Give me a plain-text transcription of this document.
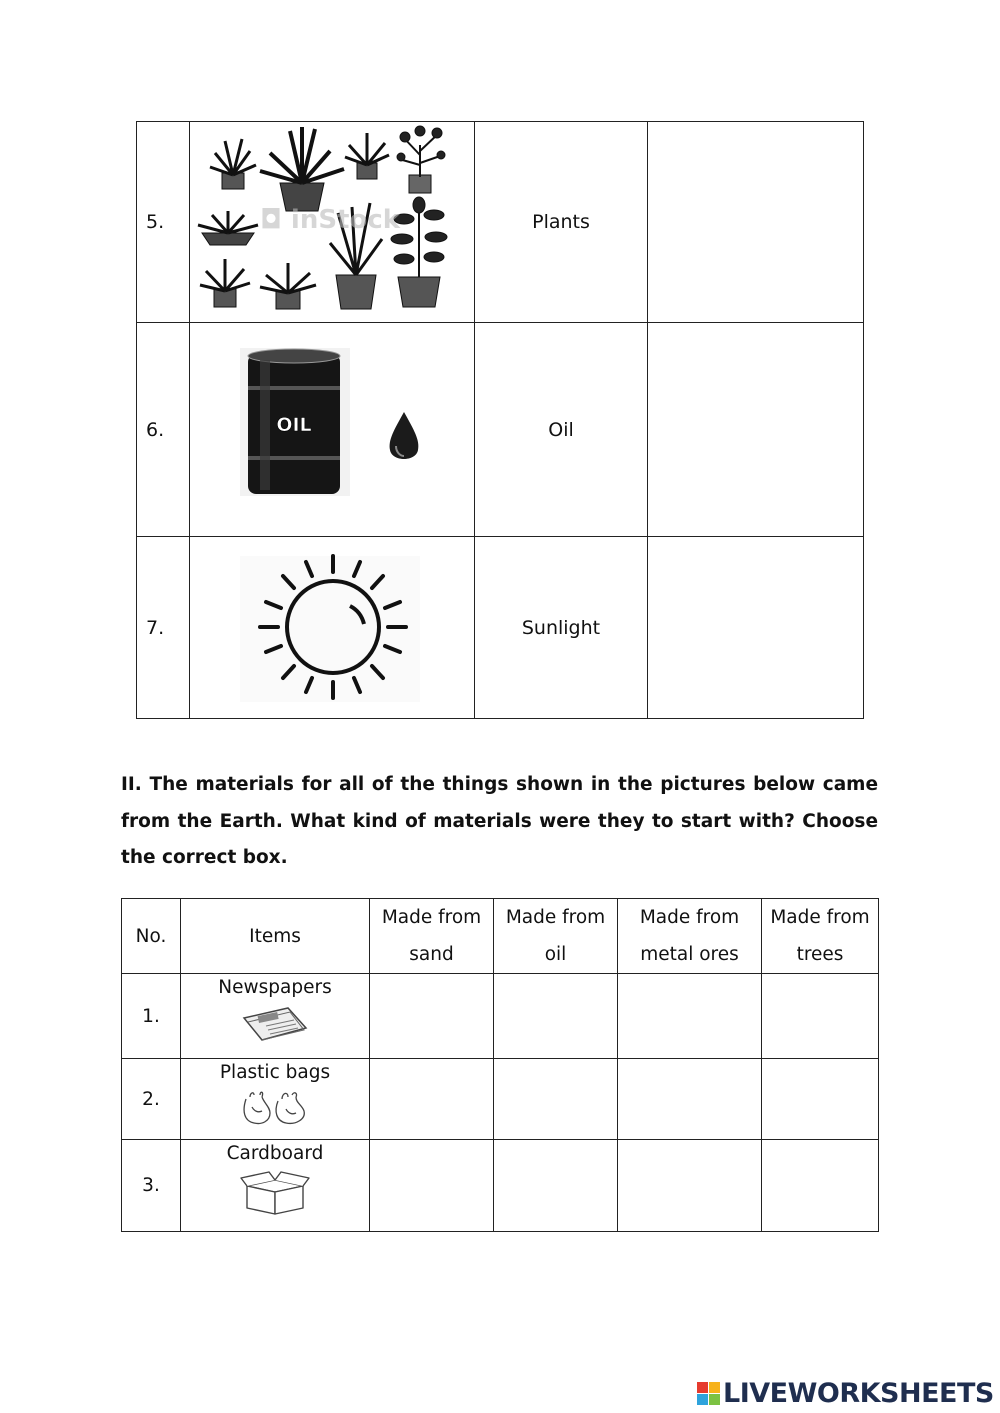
5.	◘ inStock	Plants	
6.	OIL	Oil	
7.		Sunlight	

II. The materials for all of the things shown in the pictures below came from the Earth. What kind of materials were they to start with? Choose the correct box.

No.	Items	Made from sand	Made from oil	Made from metal ores	Made from trees
1.	Newspapers				

2.	Plastic bags				

3.	Cardboard				

LIVEWORKSHEETS
